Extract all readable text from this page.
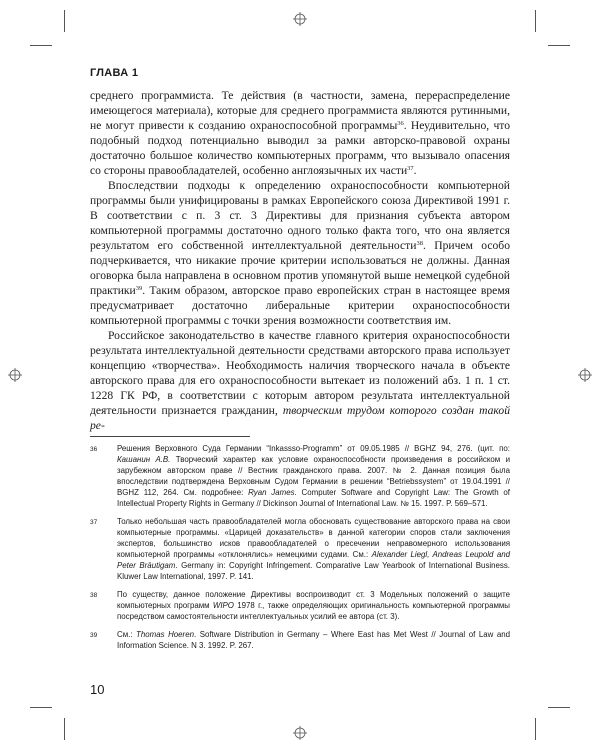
ГЛАВА 1

среднего программиста. Те действия (в частности, замена, перераспределение имеющегося материала), которые для среднего программиста являются рутинными, не могут привести к созданию охраноспособной программы$^{36}$. Неудивительно, что подобный подход потенциально выводил за рамки авторско-правовой охраны достаточно большое количество компьютерных программ, что вызывало опасения со стороны правообладателей, особенно англоязычных их части$^{37}$.

Впоследствии подходы к определению охраноспособности компьютерной программы были унифицированы в рамках Европейского союза Директивой 1991 г. В соответствии с п. 3 ст. 3 Директивы для признания субъекта автором компьютерной программы достаточно одного только факта того, что она является результатом его собственной интеллектуальной деятельности$^{38}$. Причем особо подчеркивается, что никакие прочие критерии использоваться не должны. Данная оговорка была направлена в основном против упомянутой выше немецкой судебной практики$^{39}$. Таким образом, авторское право европейских стран в настоящее время предусматривает достаточно либеральные критерии охраноспособности компьютерной программы с точки зрения возможности соответствия им.

Российское законодательство в качестве главного критерия охраноспособности результата интеллектуальной деятельности средствами авторского права использует концепцию «творчества». Необходимость наличия творческого начала в объекте авторского права для его охраноспособности вытекает из положений абз. 1 п. 1 ст. 1228 ГК РФ, в соответствии с которым автором результата интеллектуальной деятельности признается гражданин, творческим трудом которого создан такой ре-

36	Решения Верховного Суда Германии “Inkassso-Programm” от 09.05.1985 // BGHZ 94, 276. (цит. по: Кашанин А.В. Творческий характер как условие охраноспособности произведения в российском и зарубежном авторском праве // Вестник гражданского права. 2007. № 2. Данная позиция была впоследствии подтверждена Верховным Судом Германии в решении “Betriebssystem” от 19.04.1991 // BGHZ 112, 264. См. подробнее: Ryan James. Computer Software and Copyright Law: The Growth of Intellectual Property Rights in Germany // Dickinson Journal of International Law. № 15. 1997. P. 569–571.
37	Только небольшая часть правообладателей могла обосновать существование авторского права на свои компьютерные программы. «Царицей доказательств» в данной категории споров стали заключения экспертов, большинство исков правообладателей о пресечении неправомерного использования компьютерной программы «отклонялись» немецкими судами. См.: Alexander Liegl, Andreas Leupold and Peter Bräutigam. Germany in: Copyright Infringement. Comparative Law Yearbook of International Business. Kluwer Law International, 1997. P. 141.
38	По существу, данное положение Директивы воспроизводит ст. 3 Модельных положений о защите компьютерных программ WIPO 1978 г., также определяющих оригинальность компьютерной программы посредством самостоятельности интеллектуальных усилий ее автора (ст. 3).
39	См.: Thomas Hoeren. Software Distribution in Germany – Where East has Met West // Journal of Law and Information Science. N 3. 1992. P. 267.
10
